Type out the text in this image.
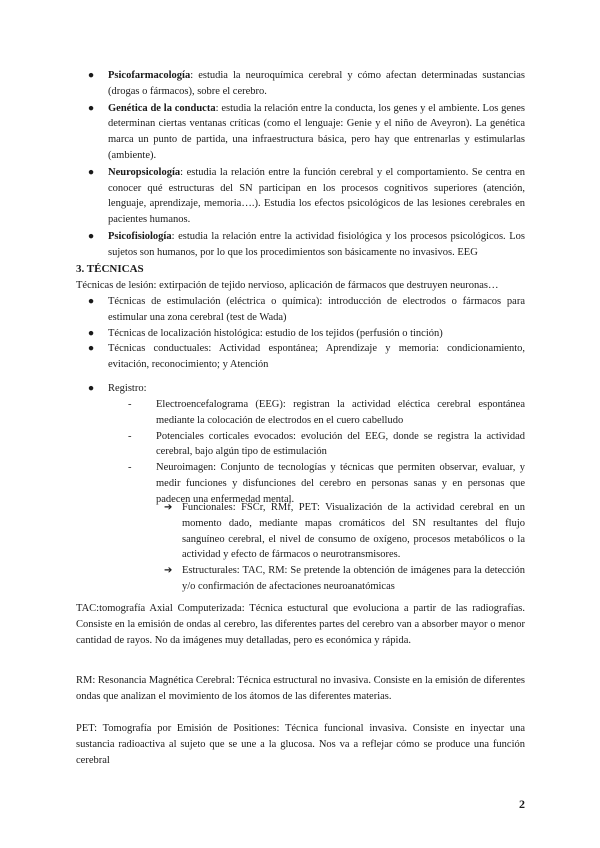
●	Psicofarmacología: estudia la neuroquímica cerebral y cómo afectan determinadas sustancias (drogas o fármacos), sobre el cerebro.

●	Genética de la conducta: estudia la relación entre la conducta, los genes y el ambiente. Los genes determinan ciertas ventanas críticas (como el lenguaje: Genie y el niño de Aveyron). La genética marca un punto de partida, una infraestructura básica, pero hay que entrenarlas y estimularlas (ambiente).

●	Neuropsicología: estudia la relación entre la función cerebral y el comportamiento. Se centra en conocer qué estructuras del SN participan en los procesos cognitivos superiores (atención, lenguaje, aprendizaje, memoria….). Estudia los efectos psicológicos de las lesiones cerebrales en pacientes humanos.

●	Psicofisiología: estudia la relación entre la actividad fisiológica y los procesos psicológicos. Los sujetos son humanos, por lo que los procedimientos son básicamente no invasivos. EEG

3. TÉCNICAS
Técnicas de lesión: extirpación de tejido nervioso, aplicación de fármacos que destruyen neuronas…

●	Técnicas de estimulación (eléctrica o química): introducción de electrodos o fármacos para estimular una zona cerebral (test de Wada)

●	Técnicas de localización histológica: estudio de los tejidos (perfusión o tinción)

●	Técnicas conductuales: Actividad espontánea; Aprendizaje y memoria: condicionamiento, evitación, reconocimiento; y Atención

●	Registro:

- Electroencefalograma (EEG): registran la actividad eléctica cerebral espontánea mediante la colocación de electrodos en el cuero cabelludo
- Potenciales corticales evocados: evolución del EEG, donde se registra la actividad cerebral, bajo algún tipo de estimulación
- Neuroimagen: Conjunto de tecnologías y técnicas que permiten observar, evaluar, y medir funciones y disfunciones del cerebro en personas sanas y en personas que padecen una enfermedad mental.
➔ Funcionales: FSCr, RMf, PET: Visualización de la actividad cerebral en un momento dado, mediante mapas cromáticos del SN resultantes del flujo sanguíneo cerebral, el nivel de consumo de oxígeno, procesos metabólicos o la actividad y efecto de fármacos o neurotransmisores.
➔ Estructurales: TAC, RM: Se pretende la obtención de imágenes para la detección y/o confirmación de afectaciones neuroanatómicas

TAC:tomografía Axial Computerizada: Técnica estuctural que evoluciona a partir de las radiografías. Consiste en la emisión de ondas al cerebro, las diferentes partes del cerebro van a absorber mayor o menor cantidad de rayos. No da imágenes muy detalladas, pero es económica y rápida.

RM: Resonancia Magnética Cerebral: Técnica estructural no invasiva. Consiste en la emisión de diferentes ondas que analizan el movimiento de los átomos de las diferentes materias.

PET: Tomografía por Emisión de Positiones: Técnica funcional invasiva. Consiste en inyectar una sustancia radioactiva al sujeto que se une a la glucosa. Nos va a reflejar cómo se produce una función cerebral

2
